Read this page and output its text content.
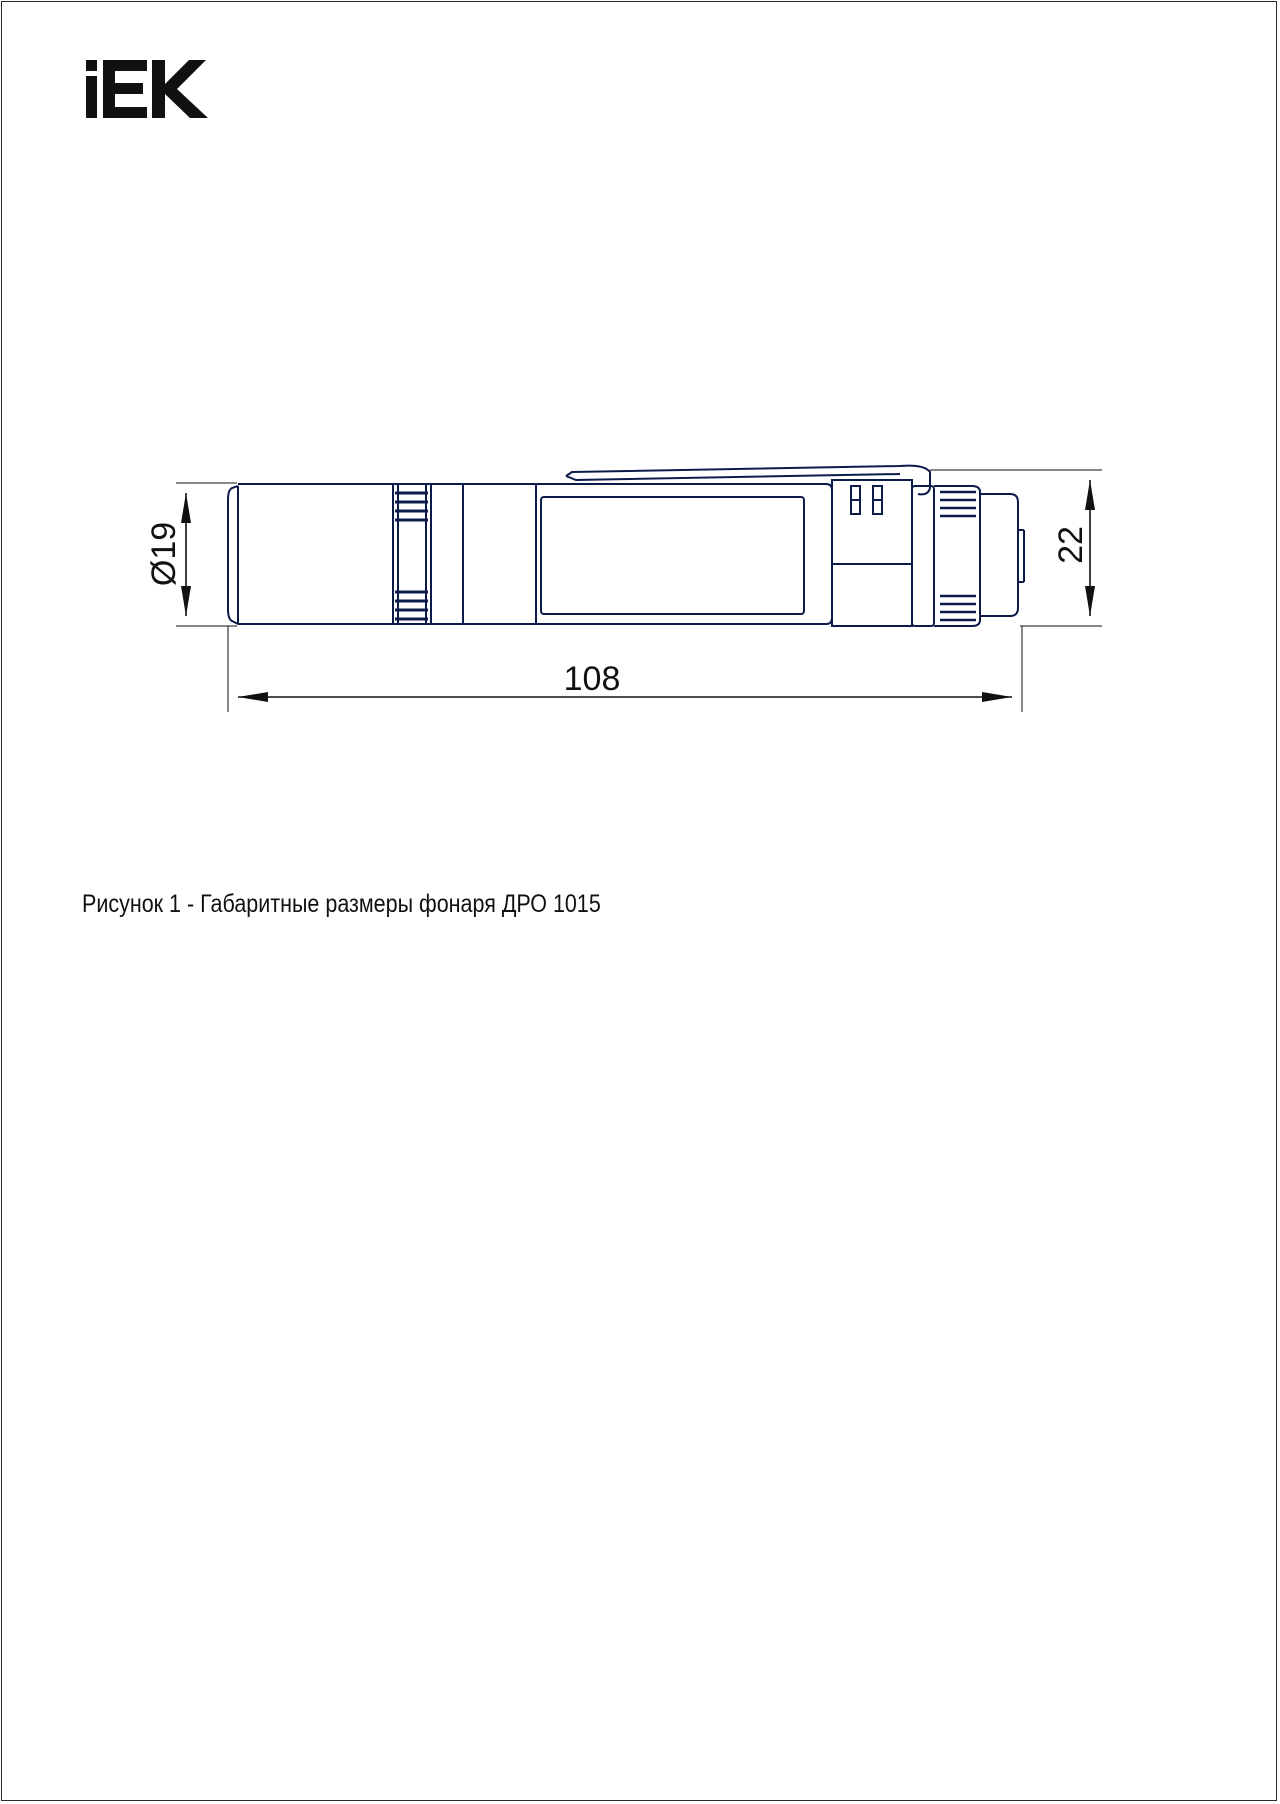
Ø19	22
108
Рисунок 1 - Габаритные размеры фонаря ДРО 1015
